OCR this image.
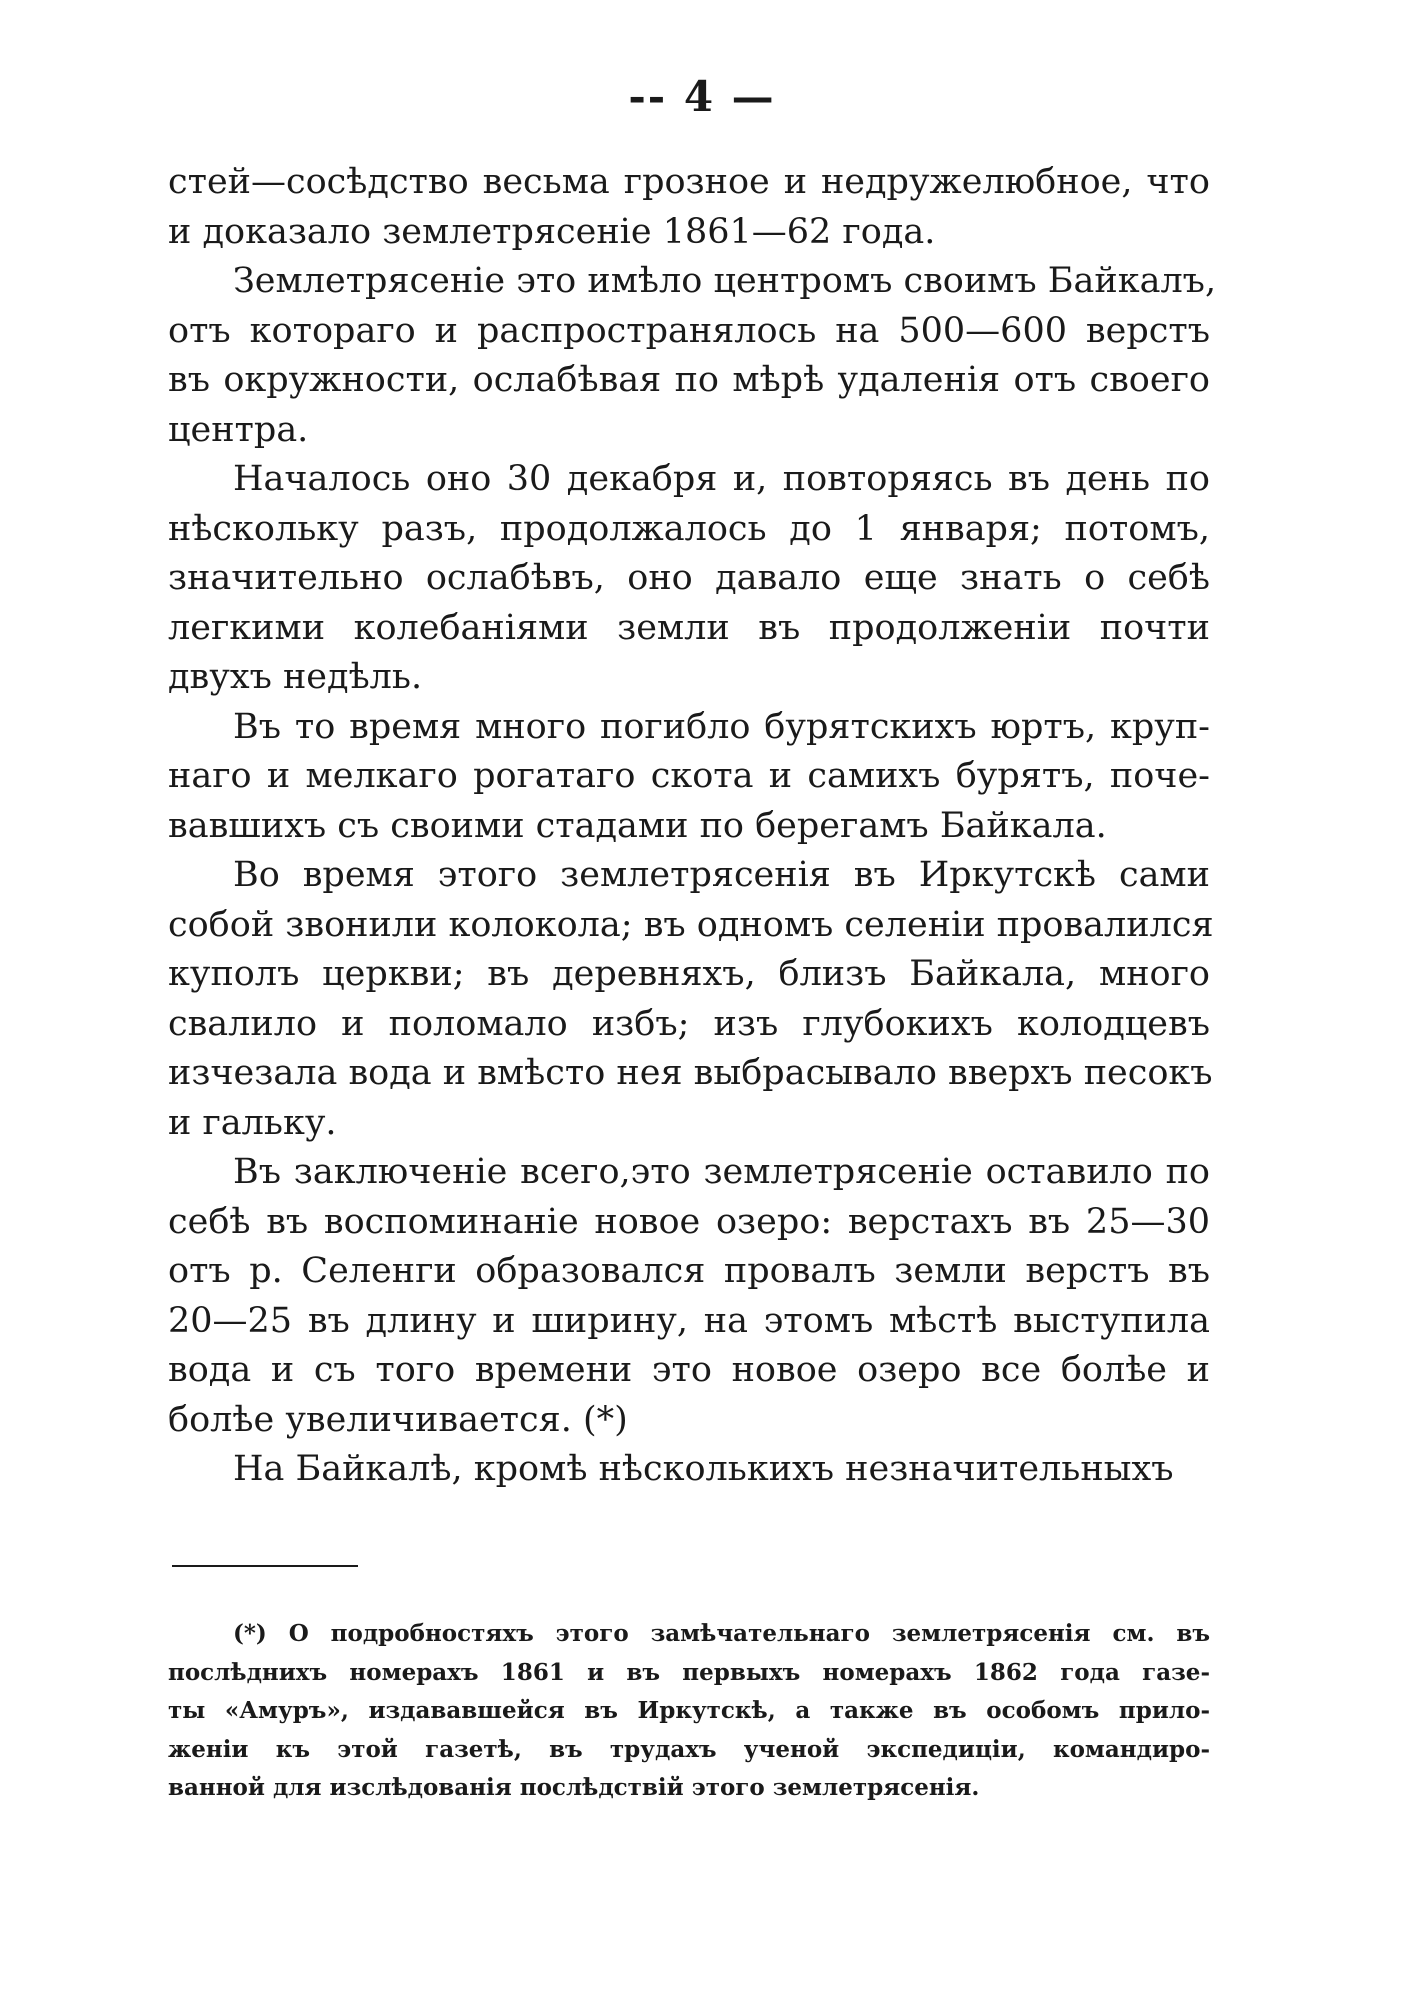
-- 4 —
стей—сосѣдство весьма грозное и недружелюбное, что
и доказало землетрясеніе 1861—62 года.
Землетрясеніе это имѣло центромъ своимъ Байкалъ,
отъ котораго и распространялось на 500—600 верстъ
въ окружности, ослабѣвая по мѣрѣ удаленія отъ своего
центра.
Началось оно 30 декабря и, повторяясь въ день по
нѣскольку разъ, продолжалось до 1 января; потомъ,
значительно ослабѣвъ, оно давало еще знать о себѣ
легкими колебаніями земли въ продолженіи почти
двухъ недѣль.
Въ то время много погибло бурятскихъ юртъ, круп-
наго и мелкаго рогатаго скота и самихъ бурятъ, поче-
вавшихъ съ своими стадами по берегамъ Байкала.
Во время этого землетрясенія въ Иркутскѣ сами
собой звонили колокола; въ одномъ селеніи провалился
куполъ церкви; въ деревняхъ, близъ Байкала, много
свалило и поломало избъ; изъ глубокихъ колодцевъ
изчезала вода и вмѣсто нея выбрасывало вверхъ песокъ
и гальку.
Въ заключеніе всего,это землетрясеніе оставило по
себѣ въ воспоминаніе новое озеро: верстахъ въ 25—30
отъ р. Селенги образовался провалъ земли верстъ въ
20—25 въ длину и ширину, на этомъ мѣстѣ выступила
вода и съ того времени это новое озеро все болѣе и
болѣе увеличивается. (*)
На Байкалѣ, кромѣ нѣсколькихъ незначительныхъ
(*) О подробностяхъ этого замѣчательнаго землетрясенія см. въ
послѣднихъ номерахъ 1861 и въ первыхъ номерахъ 1862 года газе-
ты «Амуръ», издававшейся въ Иркутскѣ, а также въ особомъ прило-
женіи къ этой газетѣ, въ трудахъ ученой экспедиціи, командиро-
ванной для изслѣдованія послѣдствій этого землетрясенія.
